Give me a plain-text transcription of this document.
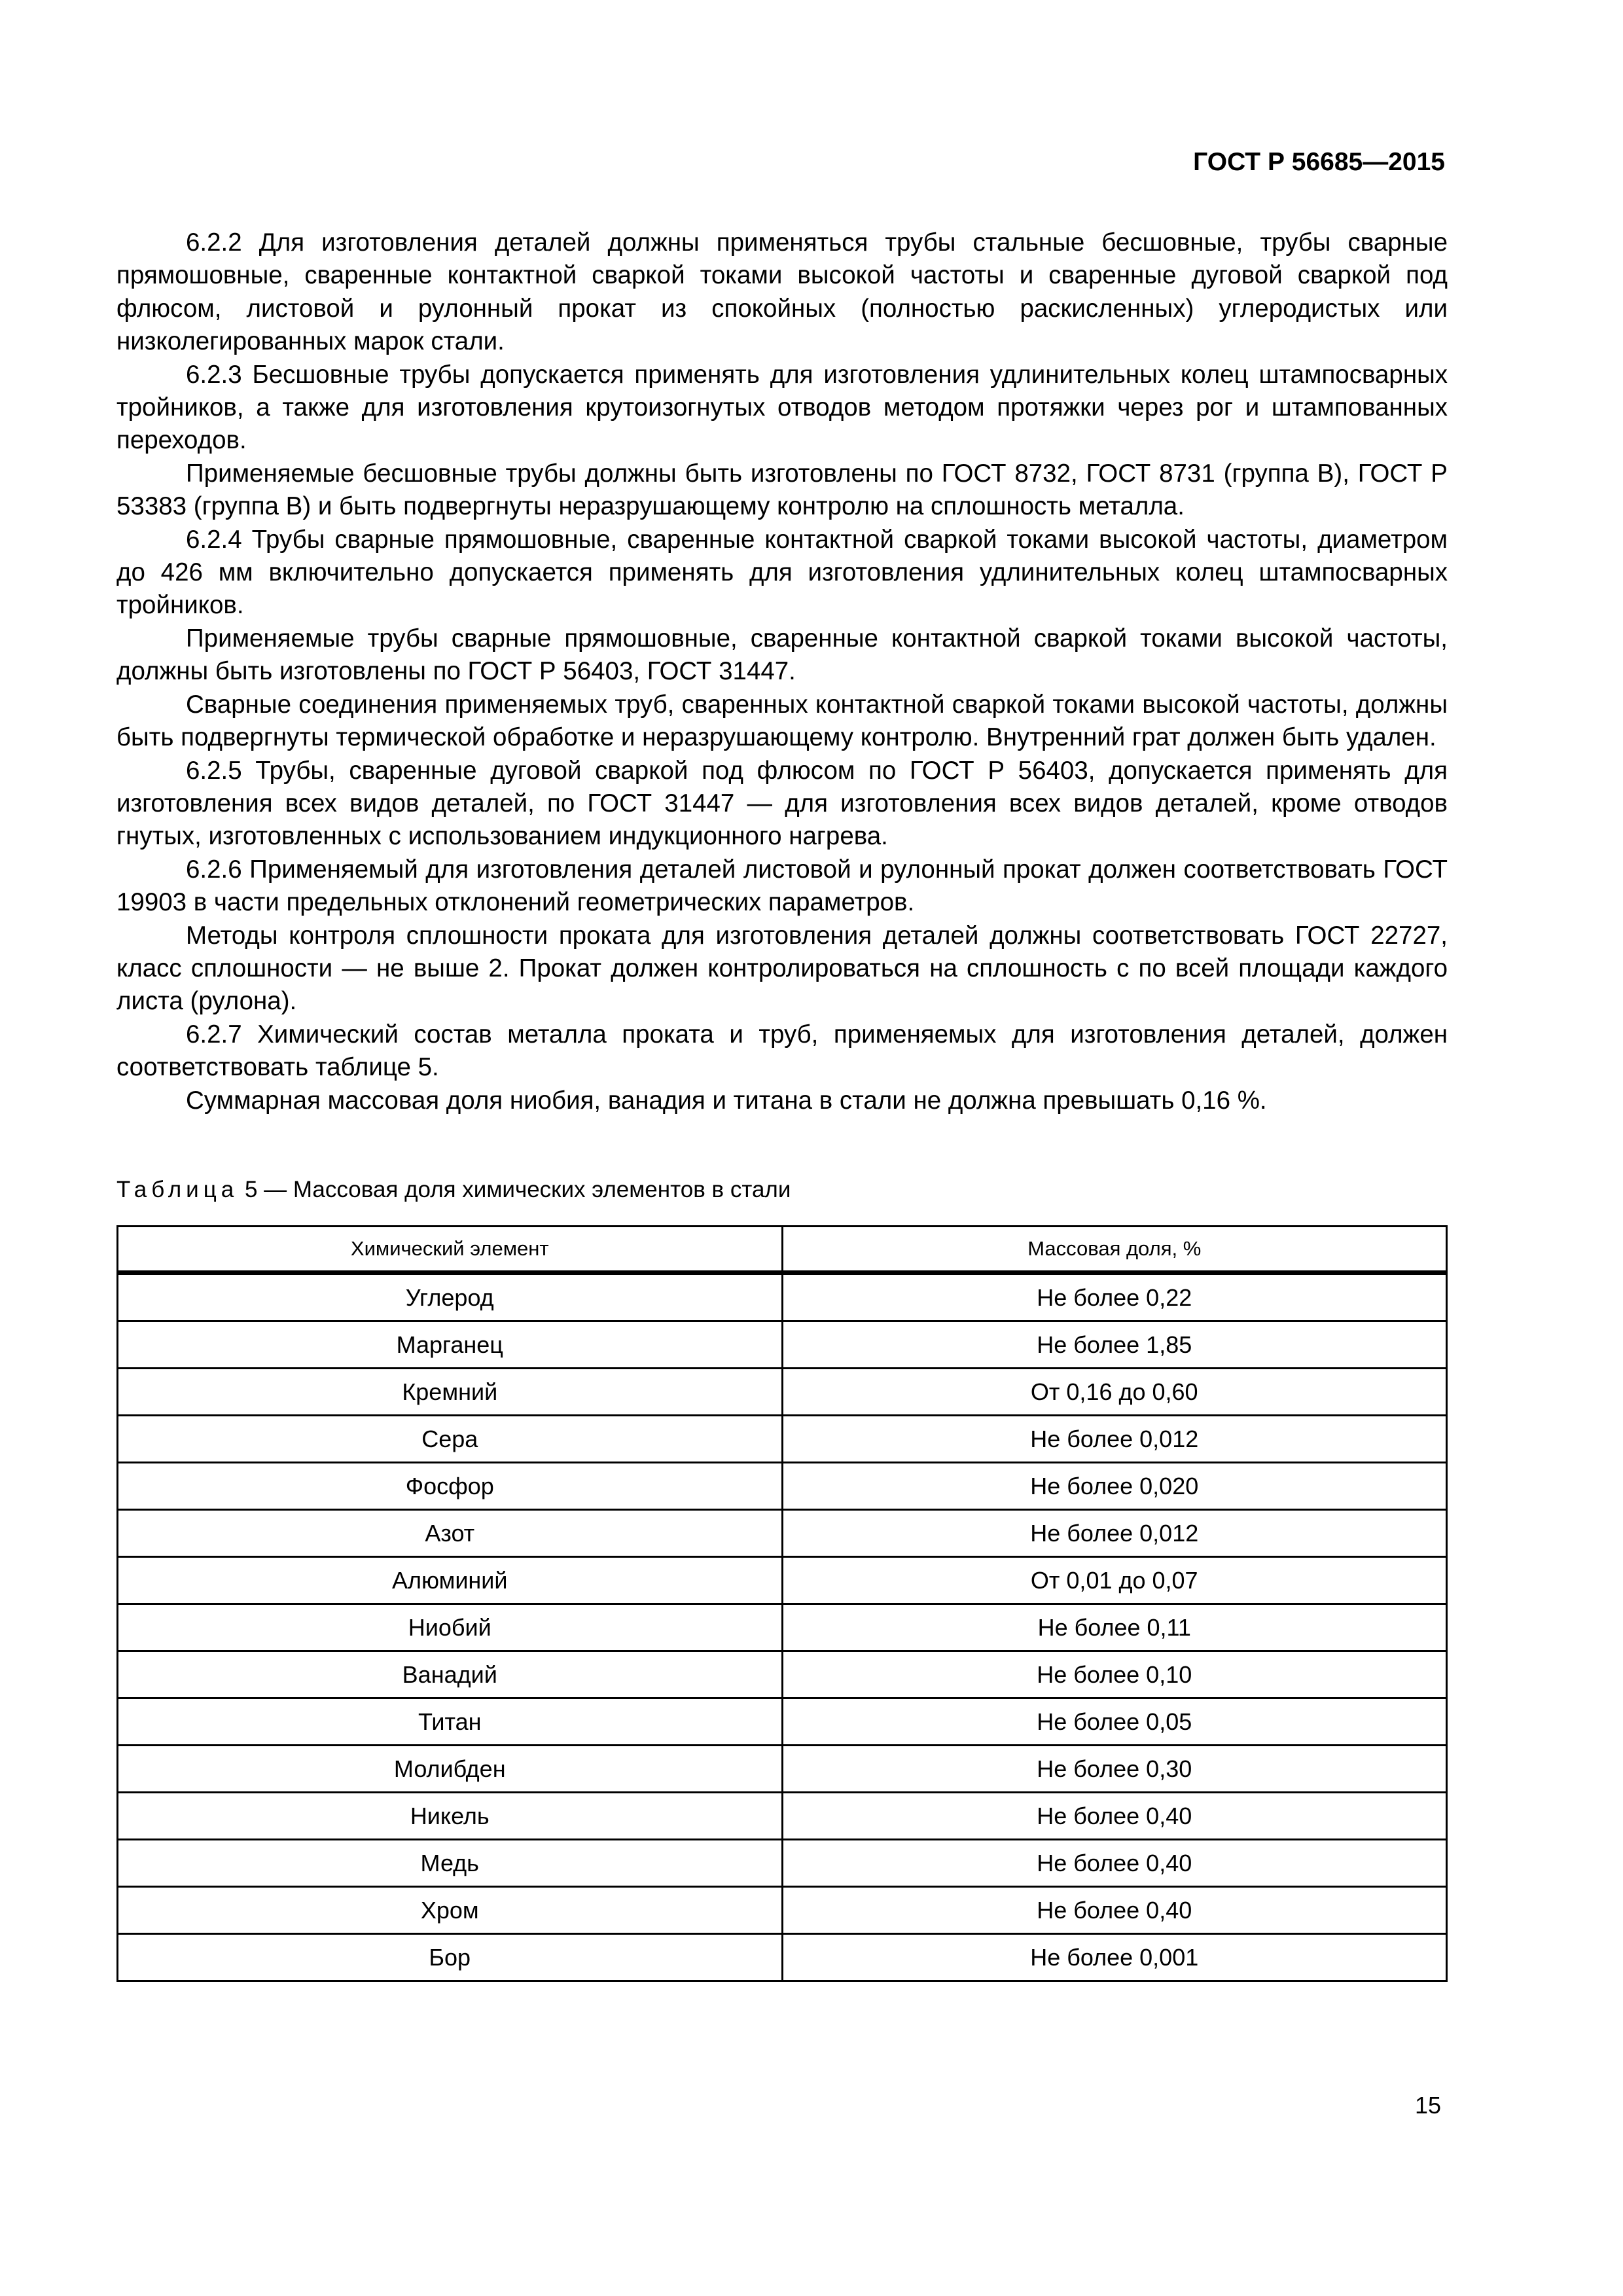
ГОСТ Р 56685—2015

6.2.2 Для изготовления деталей должны применяться трубы стальные бесшовные, трубы сварные прямошовные, сваренные контактной сваркой токами высокой частоты и сваренные дуговой сваркой под флюсом, листовой и рулонный прокат из спокойных (полностью раскисленных) углеродистых или низколегированных марок стали.

6.2.3 Бесшовные трубы допускается применять для изготовления удлинительных колец штампосварных тройников, а также для изготовления крутоизогнутых отводов методом протяжки через рог и штампованных переходов.

Применяемые бесшовные трубы должны быть изготовлены по ГОСТ 8732, ГОСТ 8731 (группа В), ГОСТ Р 53383 (группа В) и быть подвергнуты неразрушающему контролю на сплошность металла.

6.2.4 Трубы сварные прямошовные, сваренные контактной сваркой токами высокой частоты, диаметром до 426 мм включительно допускается применять для изготовления удлинительных колец штампосварных тройников.

Применяемые трубы сварные прямошовные, сваренные контактной сваркой токами высокой частоты, должны быть изготовлены по ГОСТ Р 56403, ГОСТ 31447.

Сварные соединения применяемых труб, сваренных контактной сваркой токами высокой частоты, должны быть подвергнуты термической обработке и неразрушающему контролю. Внутренний грат должен быть удален.

6.2.5 Трубы, сваренные дуговой сваркой под флюсом по ГОСТ Р 56403, допускается применять для изготовления всех видов деталей, по ГОСТ 31447 — для изготовления всех видов деталей, кроме отводов гнутых, изготовленных с использованием индукционного нагрева.

6.2.6 Применяемый для изготовления деталей листовой и рулонный прокат должен соответствовать ГОСТ 19903 в части предельных отклонений геометрических параметров.

Методы контроля сплошности проката для изготовления деталей должны соответствовать ГОСТ 22727, класс сплошности — не выше 2. Прокат должен контролироваться на сплошность с по всей площади каждого листа (рулона).

6.2.7 Химический состав металла проката и труб, применяемых для изготовления деталей, должен соответствовать таблице 5.

Суммарная массовая доля ниобия, ванадия и титана в стали не должна превышать 0,16 %.

Таблица 5 — Массовая доля химических элементов в стали
Химический элемент	Массовая доля, %
Углерод	Не более 0,22
Марганец	Не более 1,85
Кремний	От 0,16 до 0,60
Сера	Не более 0,012
Фосфор	Не более 0,020
Азот	Не более 0,012
Алюминий	От 0,01 до 0,07
Ниобий	Не более 0,11
Ванадий	Не более 0,10
Титан	Не более 0,05
Молибден	Не более 0,30
Никель	Не более 0,40
Медь	Не более 0,40
Хром	Не более 0,40
Бор	Не более 0,001
15
